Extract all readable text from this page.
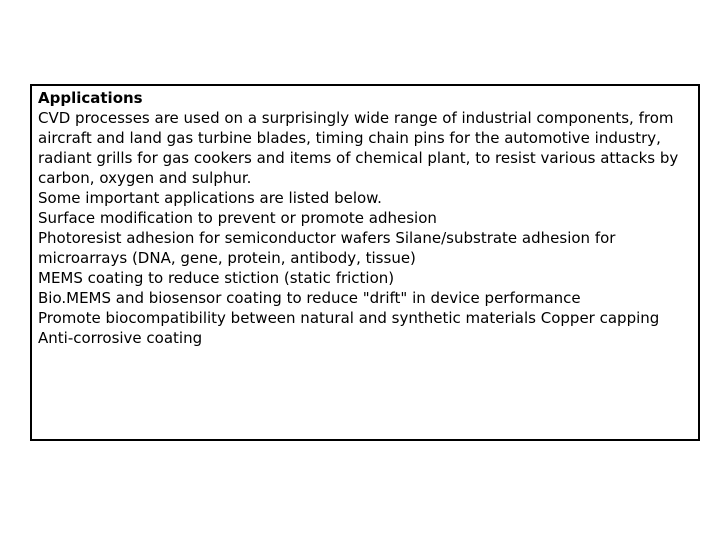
Applications

CVD processes are used on a surprisingly wide range of industrial components, from aircraft and land gas turbine blades, timing chain pins for the automotive industry, radiant grills for gas cookers and items of chemical plant, to resist various attacks by carbon, oxygen and sulphur.

Some important applications are listed below.

Surface modification to prevent or promote adhesion

Photoresist adhesion for semiconductor wafers Silane/substrate adhesion for microarrays (DNA, gene, protein, antibody, tissue)

MEMS coating to reduce stiction (static friction)

Bio.MEMS and biosensor coating to reduce "drift" in device performance

Promote biocompatibility between natural and synthetic materials Copper capping Anti-corrosive coating
